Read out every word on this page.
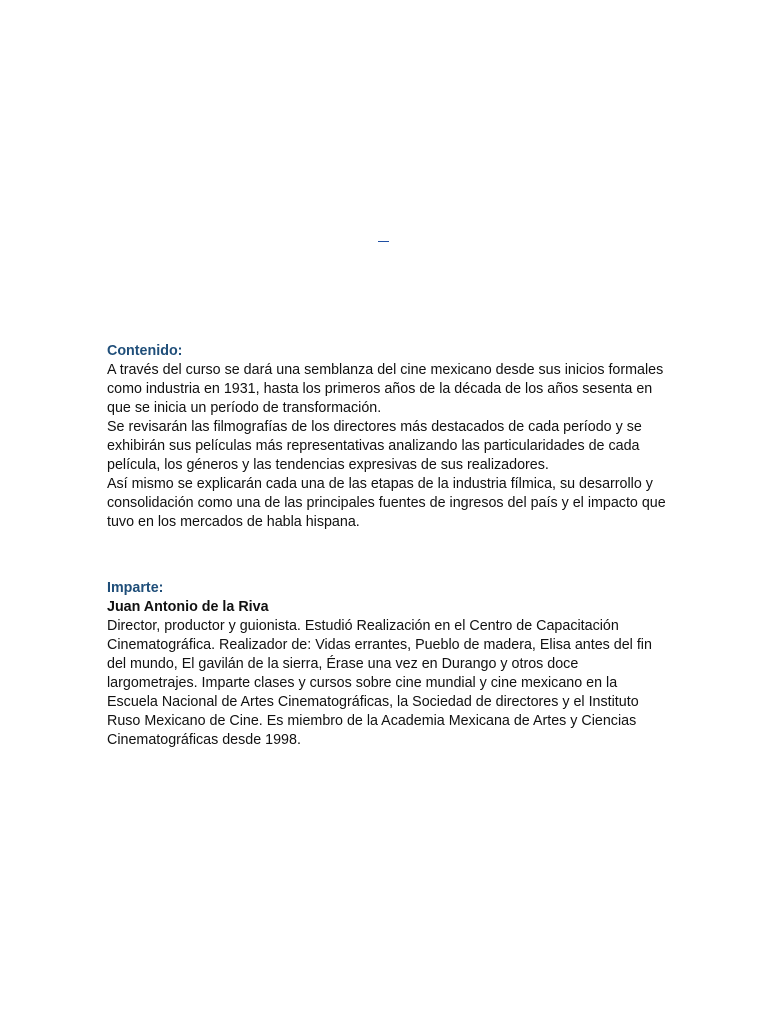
Contenido:

A través del curso se dará una semblanza del cine mexicano desde sus inicios formales como industria en 1931, hasta los primeros años de la década de los años sesenta en que se inicia un período de transformación.

Se revisarán las filmografías de los directores más destacados de cada período y se exhibirán sus películas más representativas analizando las particularidades de cada película, los géneros y las tendencias expresivas de sus realizadores.

Así mismo se explicarán cada una de las etapas de la industria fílmica, su desarrollo y consolidación como una de las principales fuentes de ingresos del país y el impacto que tuvo en los mercados de habla hispana.

Imparte:

Juan Antonio de la Riva

Director, productor y guionista. Estudió Realización en el Centro de Capacitación Cinematográfica. Realizador de: Vidas errantes, Pueblo de madera, Elisa antes del fin del mundo, El gavilán de la sierra, Érase una vez en Durango y otros doce largometrajes. Imparte clases y cursos sobre cine mundial y cine mexicano en la Escuela Nacional de Artes Cinematográficas, la Sociedad de directores y el Instituto Ruso Mexicano de Cine. Es miembro de la Academia Mexicana de Artes y Ciencias Cinematográficas desde 1998.
